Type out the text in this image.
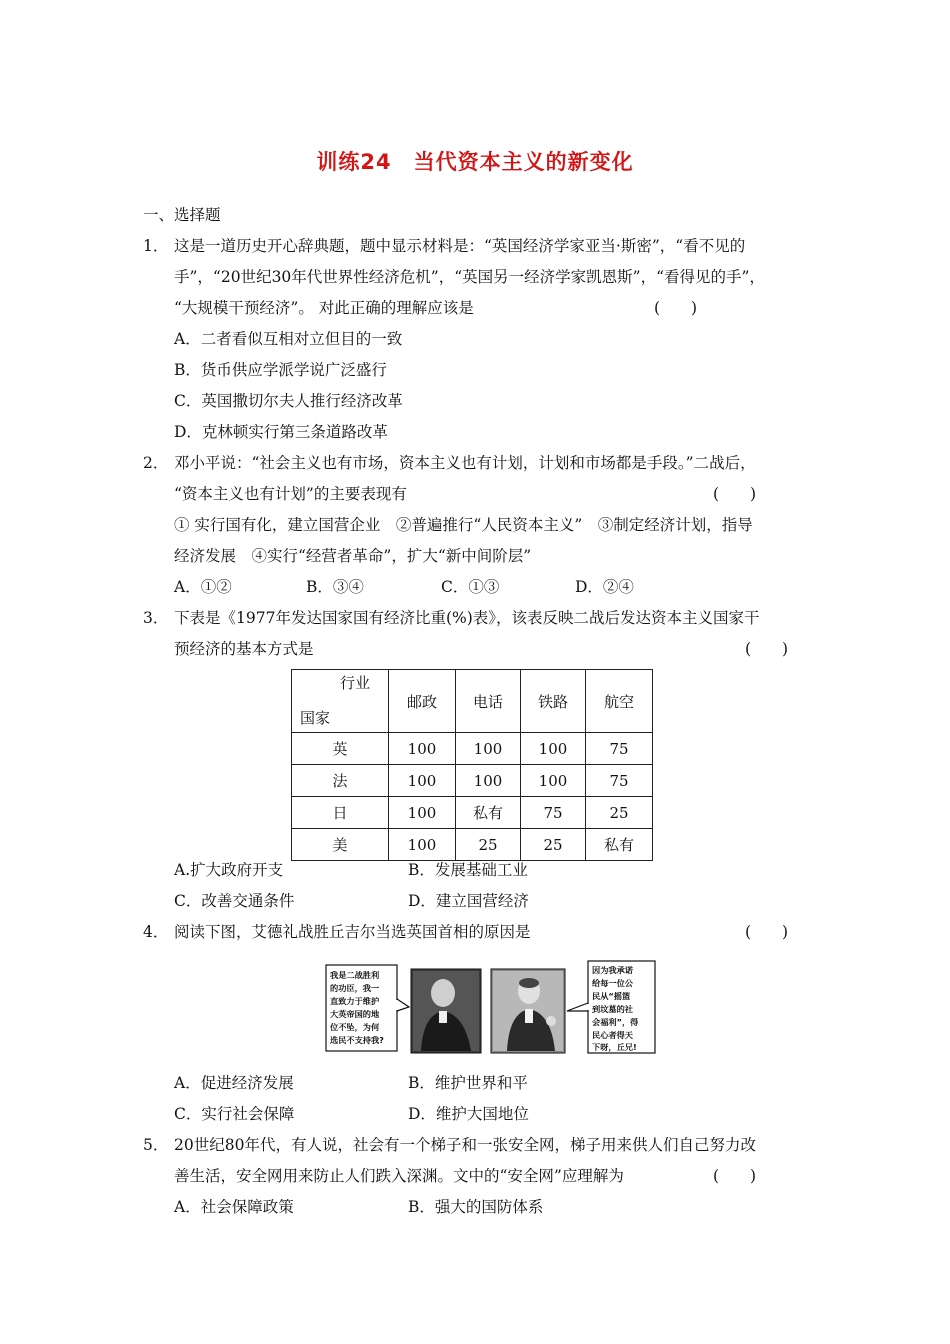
训练24　当代资本主义的新变化
一、选择题
1． 这是一道历史开心辞典题，题中显示材料是：“英国经济学家亚当·斯密”，“看不见的
手”，“20世纪30年代世界性经济危机”，“英国另一经济学家凯恩斯”，“看得见的手”，
“大规模干预经济”。 对此正确的理解应该是	(　　)
A．二者看似互相对立但目的一致
B．货币供应学派学说广泛盛行
C．英国撒切尔夫人推行经济改革
D．克林顿实行第三条道路改革
2． 邓小平说：“社会主义也有市场，资本主义也有计划，计划和市场都是手段。”二战后，
“资本主义也有计划”的主要表现有	(　　)
① 实行国有化，建立国营企业　②普遍推行“人民资本主义”　③制定经济计划，指导
经济发展　④实行“经营者革命”，扩大“新中间阶层”
A．①②	B．③④	C．①③	D．②④
3． 下表是《1977年发达国家国有经济比重(%)表》，该表反映二战后发达资本主义国家干
预经济的基本方式是	(　　)
行业
国家	邮政	电话	铁路	航空
英	100	100	100	75
法	100	100	100	75
日	100	私有	75	25
美	100	25	25	私有
A.扩大政府开支	B．发展基础工业
C．改善交通条件	D．建立国营经济
4． 阅读下图，艾德礼战胜丘吉尔当选英国首相的原因是	(　　)
我是二战胜利
的功臣，我一
直致力于维护
大英帝国的地
位不坠，为何
选民不支持我?
因为我承诺
给每一位公
民从“摇篮
到坟墓的社
会福利”，得
民心者得天
下呀，丘兄!
A．促进经济发展	B．维护世界和平
C．实行社会保障	D．维护大国地位
5． 20世纪80年代，有人说，社会有一个梯子和一张安全网，梯子用来供人们自己努力改
善生活，安全网用来防止人们跌入深渊。文中的“安全网”应理解为	(　　)
A．社会保障政策	B．强大的国防体系
